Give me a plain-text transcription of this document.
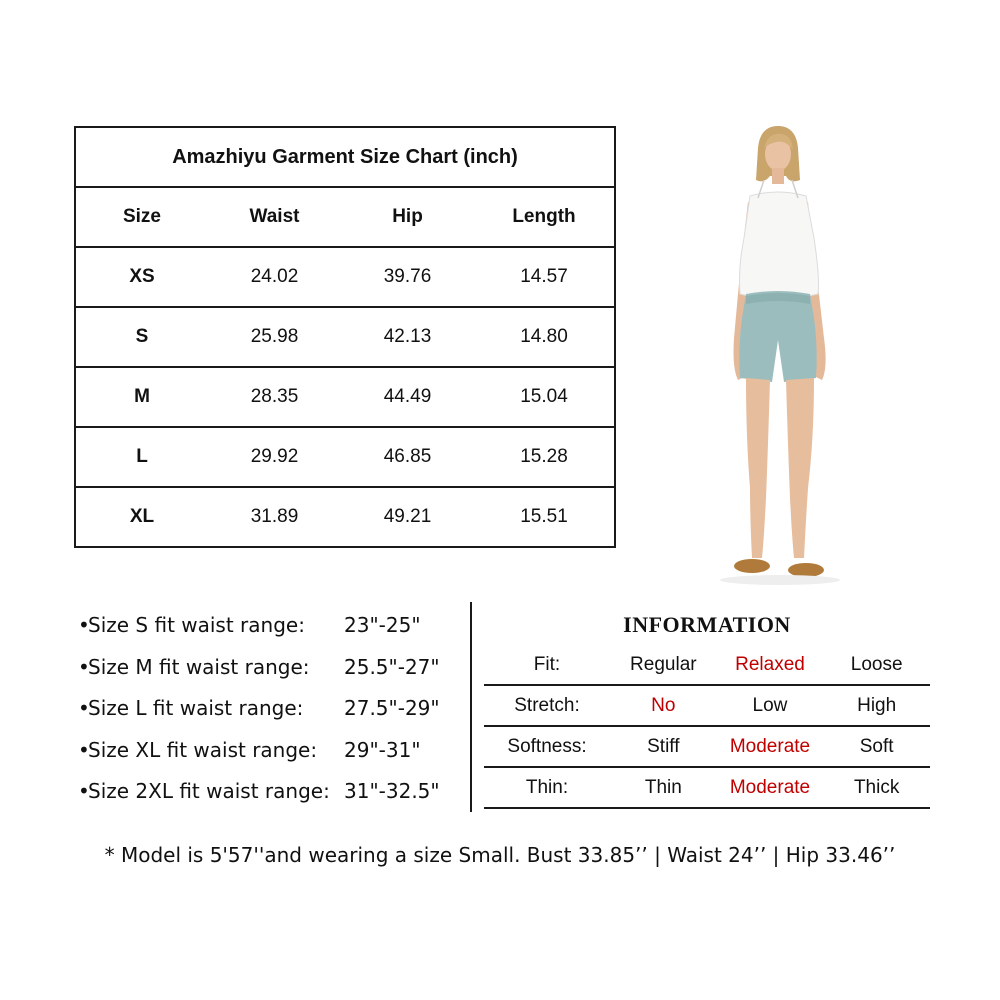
Amazhiyu Garment Size Chart (inch)			
Size	Waist	Hip	Length
XS	24.02	39.76	14.57
S	25.98	42.13	14.80
M	28.35	44.49	15.04
L	29.92	46.85	15.28
XL	31.89	49.21	15.51
•
Size S fit waist range: 23"-25"
•
Size M fit waist range: 25.5"-27"
•
Size L fit waist range: 27.5"-29"
•
Size XL fit waist range: 29"-31"
•
Size 2XL fit waist range: 31"-32.5"
INFORMATION
Fit:	Regular	Relaxed	Loose
Stretch:	No	Low	High
Softness:	Stiff	Moderate	Soft
Thin:	Thin	Moderate	Thick
* Model is 5'57''and wearing a size Small. Bust 33.85’’ | Waist 24’’ | Hip 33.46’’
